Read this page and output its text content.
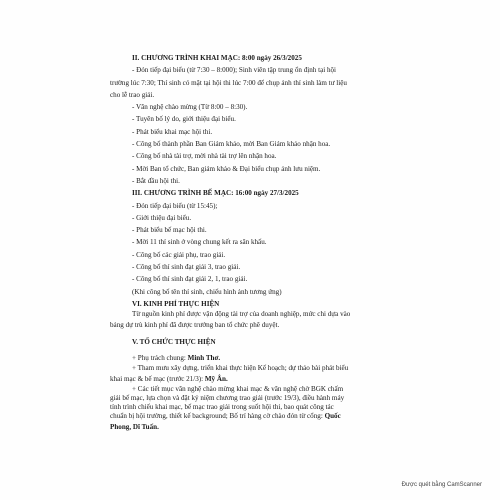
II. CHƯƠNG TRÌNH KHAI MẠC: 8:00 ngày 26/3/2025
- Đón tiếp đại biểu (từ 7:30 – 8:000); Sinh viên tập trung ổn định tại hội
trường lúc 7:30; Thí sinh có mặt tại hội thi lúc 7:00 để chụp ảnh thí sinh làm tư liệu
cho lễ trao giải.
- Văn nghệ chào mừng (Từ 8:00 – 8:30).
- Tuyên bố lý do, giới thiệu đại biểu.
- Phát biểu khai mạc hội thi.
- Công bố thành phần Ban Giám khảo, mời Ban Giám khảo nhận hoa.
- Công bố nhà tài trợ, mời nhà tài trợ lên nhận hoa.
- Mời Ban tổ chức, Ban giám khảo & Đại biểu chụp ảnh lưu niệm.
- Bắt đầu hội thi.
III. CHƯƠNG TRÌNH BẾ MẠC: 16:00 ngày 27/3/2025
- Đón tiếp đại biểu (từ 15:45);
- Giới thiệu đại biểu.
- Phát biểu bế mạc hội thi.
- Mời 11 thí sinh ở vòng chung kết ra sân khấu.
- Công bố các giải phụ, trao giải.
- Công bố thí sinh đạt giải 3, trao giải.
- Công bố thí sinh đạt giải 2, 1, trao giải.
(Khi công bố tên thí sinh, chiếu hình ảnh tương ứng)
VI. KINH PHÍ THỰC HIỆN
Từ nguồn kinh phí được vận động tài trợ của doanh nghiệp, mức chi dựa vào
bảng dự trù kinh phí đã được trưởng ban tổ chức phê duyệt.
V. TỔ CHỨC THỰC HIỆN
+ Phụ trách chung: Minh Thơ.
+ Tham mưu xây dựng, triển khai thực hiện Kế hoạch; dự thảo bài phát biểu
khai mạc & bế mạc (trước 21/3): Mỹ Ân.
+ Các tiết mục văn nghệ chào mừng khai mạc & văn nghệ chờ BGK chấm
giải bế mạc, lựa chọn và đặt kỷ niệm chương trao giải (trước 19/3), điều hành máy
tính trình chiếu khai mạc, bế mạc trao giải trong suốt hội thi, bao quát công tác
chuẩn bị hội trường, thiết kế background; Bố trí hàng cờ chào đón từ cổng: Quốc
Phong, Dĩ Tuấn.
Được quét bằng CamScanner
